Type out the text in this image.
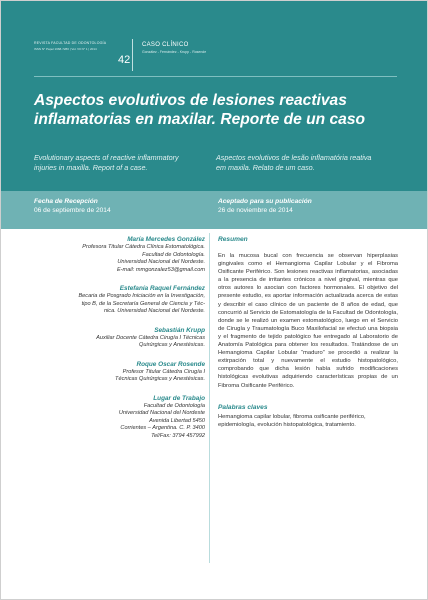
REVISTA FACULTAD DE ODONTOLOGÍA
ISSN N° Papel 1668-7280 | Vol. VII N° 1 | 2014
42
CASO CLÍNICO
González - Fernández - Krupp - Rosende
Aspectos evolutivos de lesiones reactivas inflamatorias en maxilar. Reporte de un caso
Evolutionary aspects of reactive inflammatory injuries in maxilla. Report of a case.
Aspectos evolutivos de lesão inflamatória reativa em maxila. Relato de um caso.
Fecha de Recepción
06 de septiembre de 2014
Aceptado para su publicación
26 de noviembre de 2014
María Mercedes González
Profesora Titular Cátedra Clínica Estomatológica.
Facultad de Odontología.
Universidad Nacional del Nordeste.
E-mail: mmgonzalez53@gmail.com
Estefanía Raquel Fernández
Becaria de Posgrado Iniciación en la Investigación,
tipo B, de la Secretaría General de Ciencia y Téc-
nica. Universidad Nacional del Nordeste.
Sebastián Krupp
Auxiliar Docente Cátedra Cirugía I Técnicas
Quirúrgicas y Anestésicas.
Roque Oscar Rosende
Profesor Titular Cátedra Cirugía I
Técnicas Quirúrgicas y Anestésicas.
Lugar de Trabajo
Facultad de Odontología
Universidad Nacional del Nordeste
Avenida Libertad 5450
Corrientes – Argentina. C. P. 3400
Tel/Fax: 3794 457992
Resumen
En la mucosa bucal con frecuencia se observan hiperplasias gingivales como el Hemangioma Capilar Lobular y el Fibroma Osificante Periférico. Son lesiones reactivas inflamatorias, asociadas a la presencia de irritantes crónicos a nivel gingival, mientras que otros autores lo asocian con factores hormonales. El objetivo del presente estudio, es aportar información actualizada acerca de estas y describir el caso clínico de un paciente de 8 años de edad, que concurrió al Servicio de Estomatología de la Facultad de Odontología, donde se le realizó un examen estomatológico, luego en el Servicio de Cirugía y Traumatología Buco Maxilofacial se efectuó una biopsia y el fragmento de tejido patológico fue entregado al Laboratorio de Anatomía Patológica para obtener los resultados. Tratándose de un Hemangioma Capilar Lobular “maduro” se procedió a realizar la extirpación total y nuevamente el estudio histopatológico, comprobando que dicha lesión había sufrido modificaciones histológicas evolutivas adquiriendo características propias de un Fibroma Osificante Periférico.
Palabras claves
Hemangioma capilar lobular, fibroma osificante periférico, epidemiología, evolución histopatológica, tratamiento.
